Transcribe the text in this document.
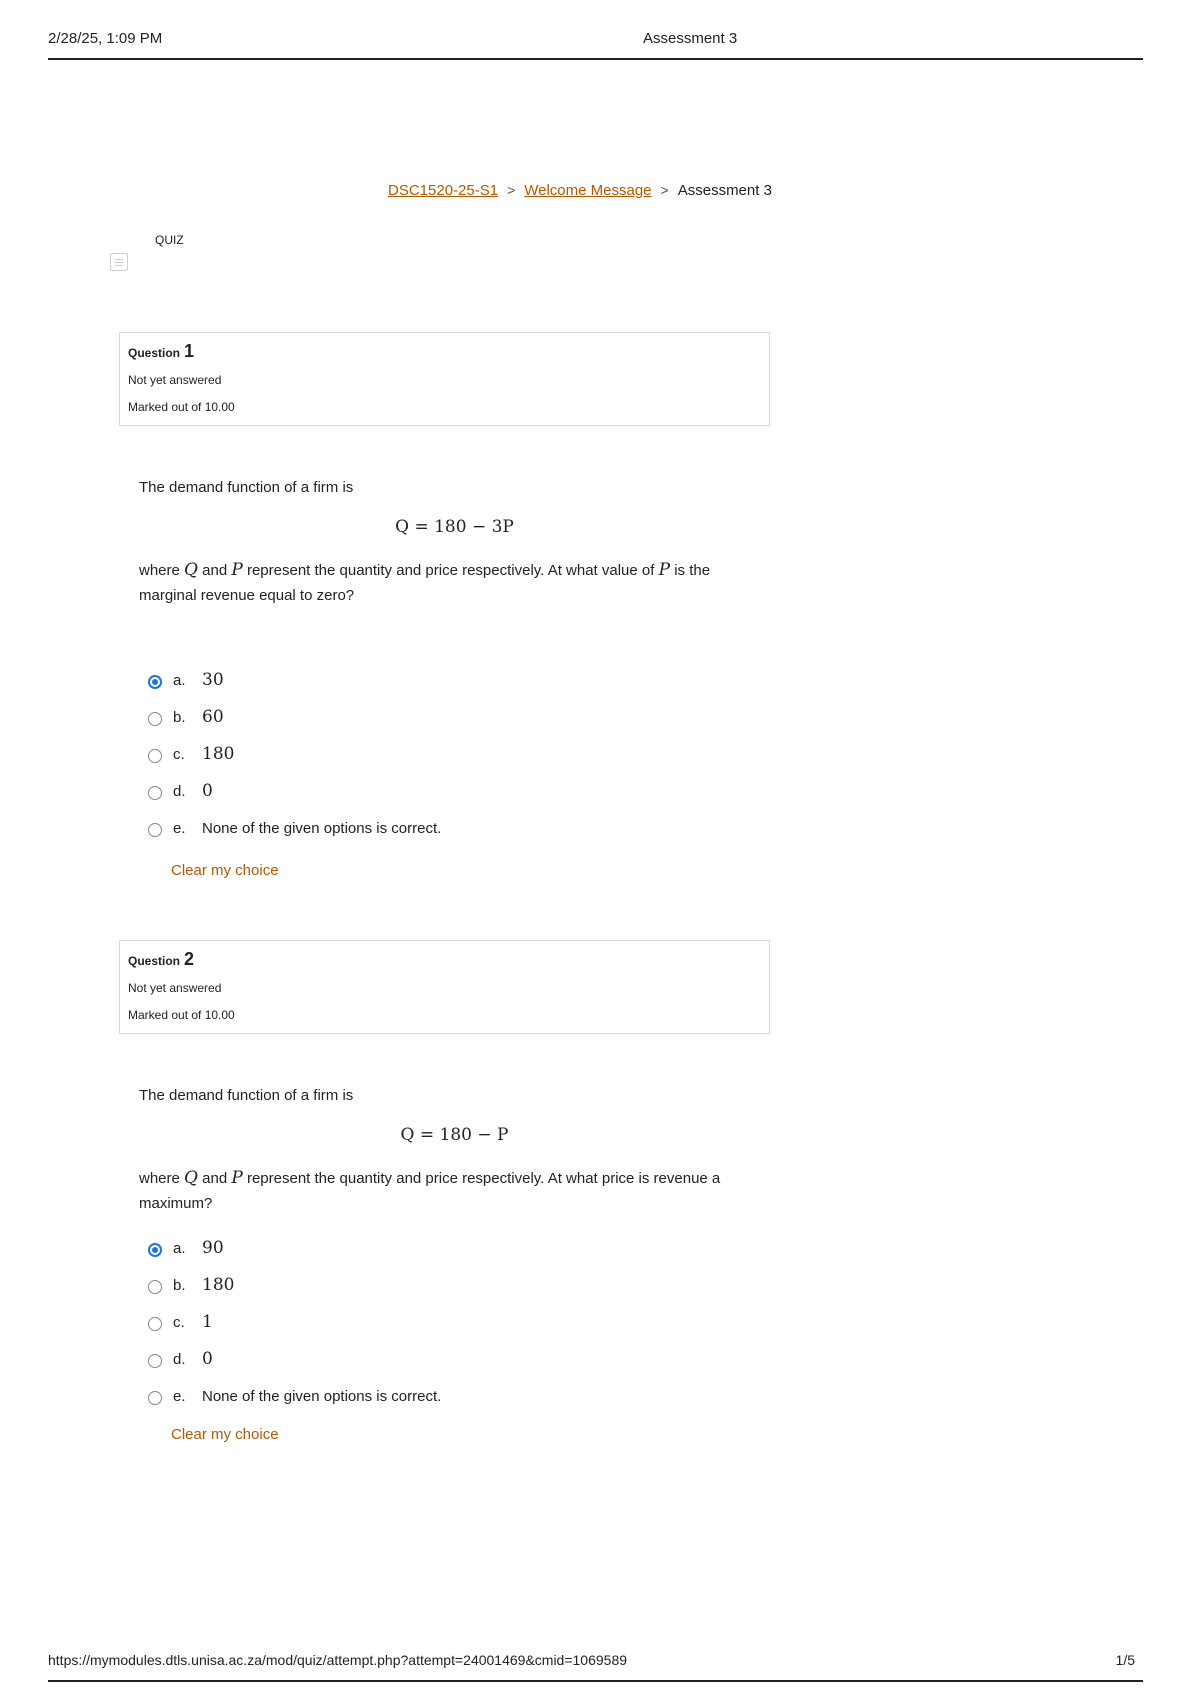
2/28/25, 1:09 PM	Assessment 3
DSC1520-25-S1 > Welcome Message > Assessment 3
QUIZ
Question 1
Not yet answered
Marked out of 10.00
The demand function of a firm is
Q = 180 − 3P
where Q and P represent the quantity and price respectively. At what value of P is the marginal revenue equal to zero?
a. 30
b. 60
c. 180
d. 0
e. None of the given options is correct.
Clear my choice
Question 2
Not yet answered
Marked out of 10.00
The demand function of a firm is
Q = 180 − P
where Q and P represent the quantity and price respectively. At what price is revenue a maximum?
a. 90
b. 180
c. 1
d. 0
e. None of the given options is correct.
Clear my choice
https://mymodules.dtls.unisa.ac.za/mod/quiz/attempt.php?attempt=24001469&cmid=1069589	1/5
